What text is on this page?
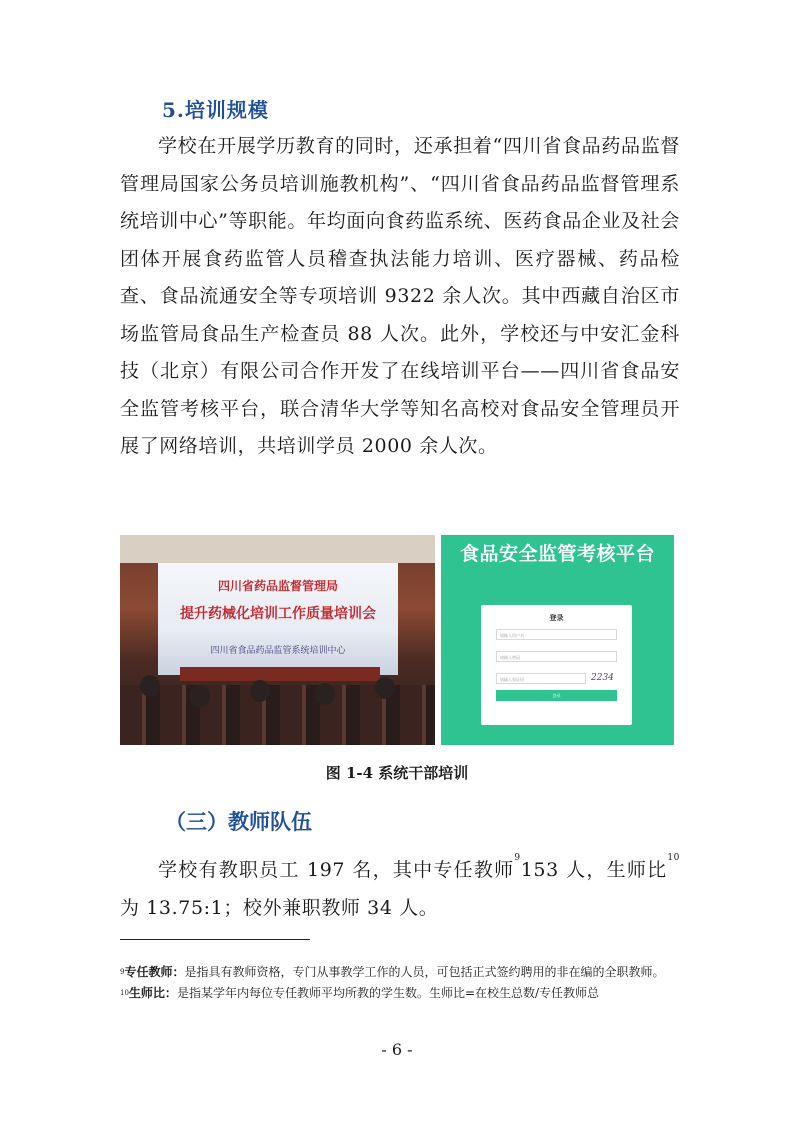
5.培训规模

学校在开展学历教育的同时，还承担着“四川省食品药品监督管理局国家公务员培训施教机构”、“四川省食品药品监督管理系统培训中心”等职能。年均面向食药监系统、医药食品企业及社会团体开展食药监管人员稽查执法能力培训、医疗器械、药品检查、食品流通安全等专项培训 9322 余人次。其中西藏自治区市场监管局食品生产检查员 88 人次。此外，学校还与中安汇金科技（北京）有限公司合作开发了在线培训平台——四川省食品安全监管考核平台，联合清华大学等知名高校对食品安全管理员开展了网络培训，共培训学员 2000 余人次。

四川省药品监督管理局
提升药械化培训工作质量培训会
四川省食品药品监管系统培训中心
食品安全监管考核平台
登录
请输入用户名
请输入密码
请输入验证码	2234
登录
图 1-4 系统干部培训
（三）教师队伍

学校有教职员工 197 名，其中专任教师$^9$153 人，生师比$^{10}$为 13.75:1；校外兼职教师 34 人。

$^9$专任教师：是指具有教师资格，专门从事教学工作的人员，可包括正式签约聘用的非在编的全职教师。

$^{10}$生师比：是指某学年内每位专任教师平均所教的学生数。生师比=在校生总数/专任教师总

- 6 -
